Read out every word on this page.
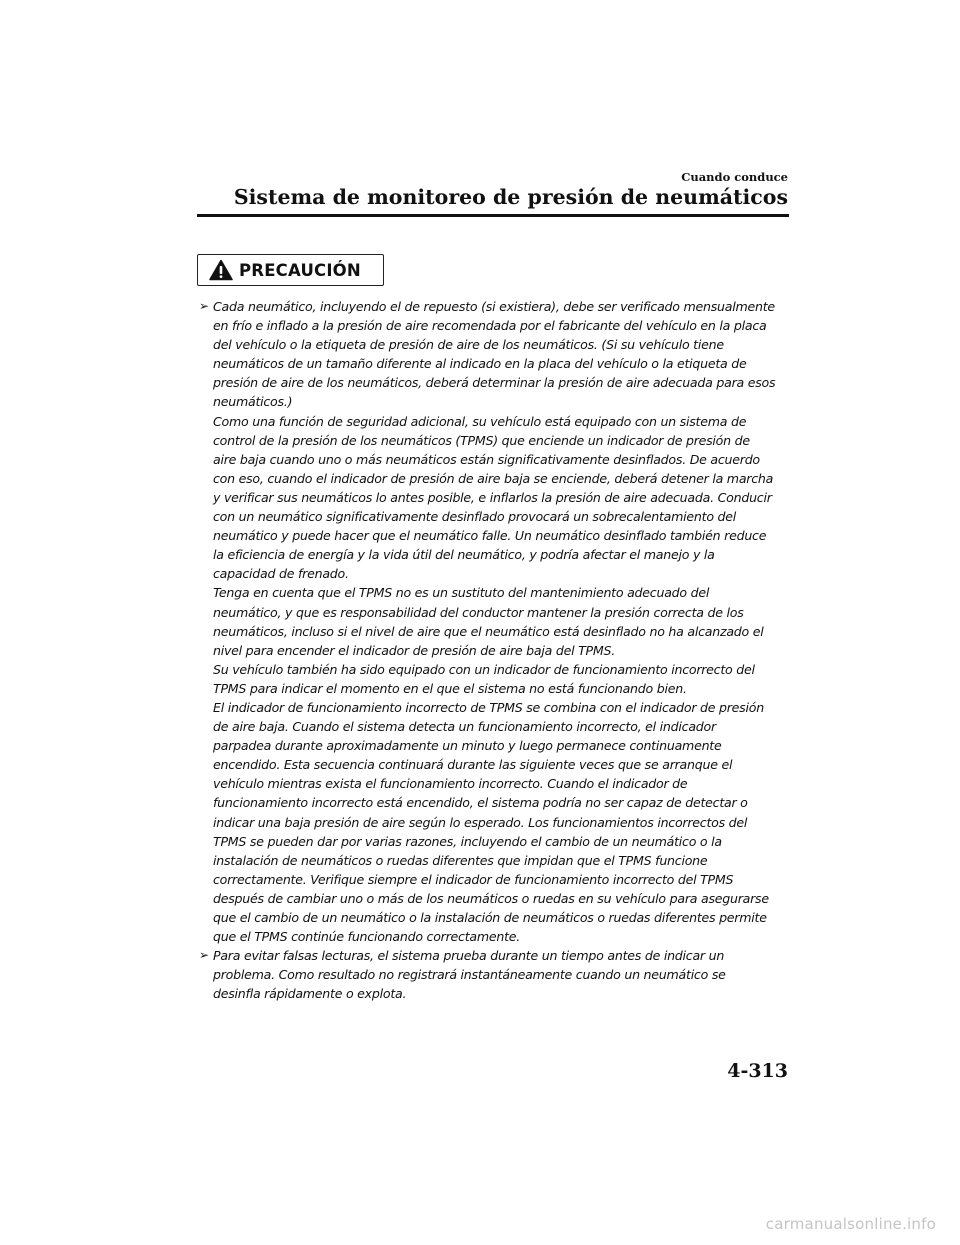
Cuando conduce
Sistema de monitoreo de presión de neumáticos
PRECAUCIÓN
➢ Cada neumático, incluyendo el de repuesto (si existiera), debe ser verificado mensualmente
en frío e inflado a la presión de aire recomendada por el fabricante del vehículo en la placa
del vehículo o la etiqueta de presión de aire de los neumáticos. (Si su vehículo tiene
neumáticos de un tamaño diferente al indicado en la placa del vehículo o la etiqueta de
presión de aire de los neumáticos, deberá determinar la presión de aire adecuada para esos
neumáticos.)
Como una función de seguridad adicional, su vehículo está equipado con un sistema de
control de la presión de los neumáticos (TPMS) que enciende un indicador de presión de
aire baja cuando uno o más neumáticos están significativamente desinflados. De acuerdo
con eso, cuando el indicador de presión de aire baja se enciende, deberá detener la marcha
y verificar sus neumáticos lo antes posible, e inflarlos la presión de aire adecuada. Conducir
con un neumático significativamente desinflado provocará un sobrecalentamiento del
neumático y puede hacer que el neumático falle. Un neumático desinflado también reduce
la eficiencia de energía y la vida útil del neumático, y podría afectar el manejo y la
capacidad de frenado.
Tenga en cuenta que el TPMS no es un sustituto del mantenimiento adecuado del
neumático, y que es responsabilidad del conductor mantener la presión correcta de los
neumáticos, incluso si el nivel de aire que el neumático está desinflado no ha alcanzado el
nivel para encender el indicador de presión de aire baja del TPMS.
Su vehículo también ha sido equipado con un indicador de funcionamiento incorrecto del
TPMS para indicar el momento en el que el sistema no está funcionando bien.
El indicador de funcionamiento incorrecto de TPMS se combina con el indicador de presión
de aire baja. Cuando el sistema detecta un funcionamiento incorrecto, el indicador
parpadea durante aproximadamente un minuto y luego permanece continuamente
encendido. Esta secuencia continuará durante las siguiente veces que se arranque el
vehículo mientras exista el funcionamiento incorrecto. Cuando el indicador de
funcionamiento incorrecto está encendido, el sistema podría no ser capaz de detectar o
indicar una baja presión de aire según lo esperado. Los funcionamientos incorrectos del
TPMS se pueden dar por varias razones, incluyendo el cambio de un neumático o la
instalación de neumáticos o ruedas diferentes que impidan que el TPMS funcione
correctamente. Verifique siempre el indicador de funcionamiento incorrecto del TPMS
después de cambiar uno o más de los neumáticos o ruedas en su vehículo para asegurarse
que el cambio de un neumático o la instalación de neumáticos o ruedas diferentes permite
que el TPMS continúe funcionando correctamente.
➢ Para evitar falsas lecturas, el sistema prueba durante un tiempo antes de indicar un
problema. Como resultado no registrará instantáneamente cuando un neumático se
desinfla rápidamente o explota.
4-313
carmanualsonline.info
